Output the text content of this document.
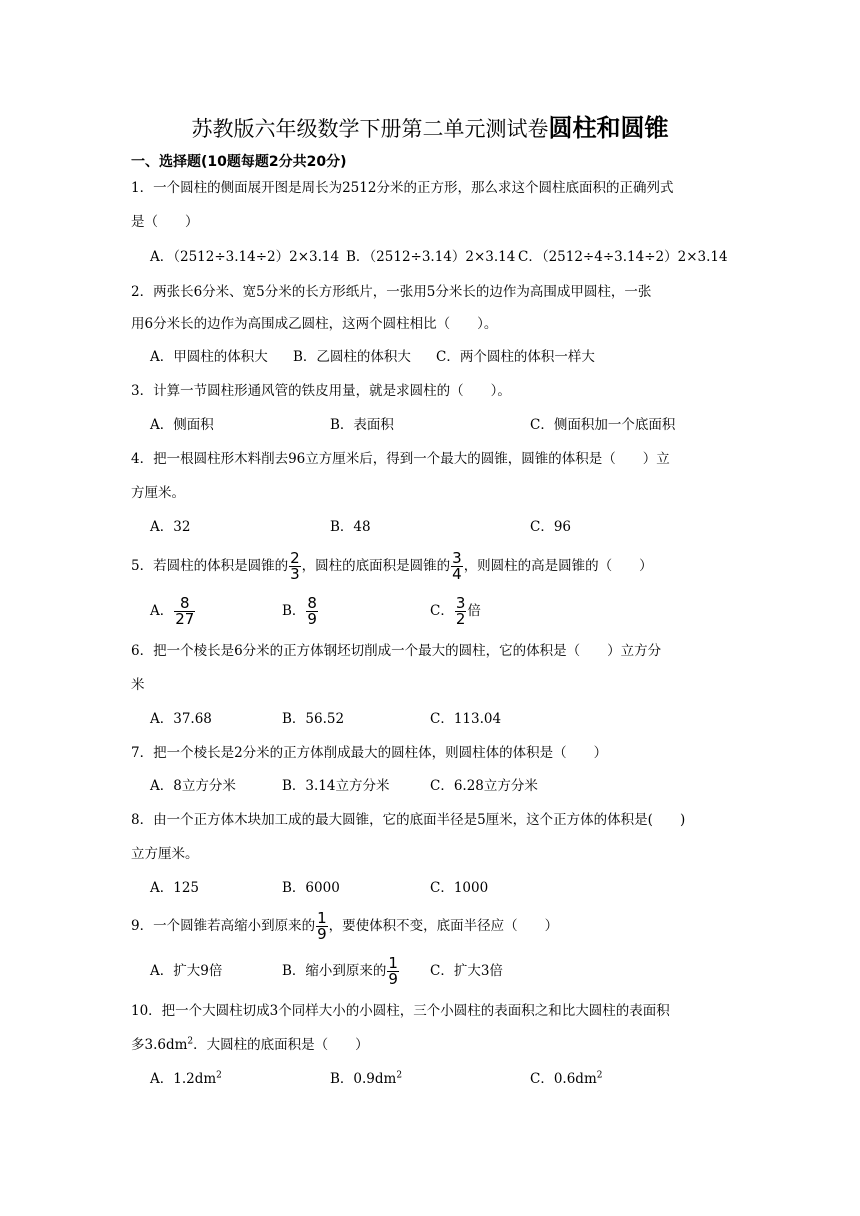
苏教版六年级数学下册第二单元测试卷圆柱和圆锥
一、选择题(10题每题2分共20分)
1．一个圆柱的侧面展开图是周长为2512分米的正方形，那么求这个圆柱底面积的正确列式
是（　　）
A．（2512÷3.14÷2）2×3.14 B．（2512÷3.14）2×3.14 C．（2512÷4÷3.14÷2）2×3.14
2．两张长6分米、宽5分米的长方形纸片，一张用5分米长的边作为高围成甲圆柱，一张
用6分米长的边作为高围成乙圆柱，这两个圆柱相比（　　）。
A．甲圆柱的体积大 B．乙圆柱的体积大 C．两个圆柱的体积一样大
3．计算一节圆柱形通风管的铁皮用量，就是求圆柱的（　　）。
A．侧面积	B．表面积	C．侧面积加一个底面积
4．把一根圆柱形木料削去96立方厘米后，得到一个最大的圆锥，圆锥的体积是（　　）立
方厘米。
A．32	B．48	C．96
5．若圆柱的体积是圆锥的 $\frac{2}{3}$ ，圆柱的底面积是圆锥的 $\frac{3}{4}$ ，则圆柱的高是圆锥的（　　）
A． $\frac{8}{27}$	B． $\frac{8}{9}$	C． $\frac{3}{2}$ 倍
6．把一个棱长是6分米的正方体钢坯切削成一个最大的圆柱，它的体积是（　　）立方分
米
A．37.68	B．56.52	C．113.04
7．把一个棱长是2分米的正方体削成最大的圆柱体，则圆柱体的体积是（　　）
A．8立方分米	B．3.14立方分米	C．6.28立方分米
8．由一个正方体木块加工成的最大圆锥，它的底面半径是5厘米，这个正方体的体积是(　　)
立方厘米。
A．125	B．6000	C．1000
9．一个圆锥若高缩小到原来的 $\frac{1}{9}$ ，要使体积不变，底面半径应（　　）
A．扩大9倍	B．缩小到原来的 $\frac{1}{9}$ C．扩大3倍
10．把一个大圆柱切成3个同样大小的小圆柱，三个小圆柱的表面积之和比大圆柱的表面积
多$3.6dm^2$．大圆柱的底面积是（　　）
A．$1.2dm^2$	B．$0.9dm^2$	C．$0.6dm^2$
